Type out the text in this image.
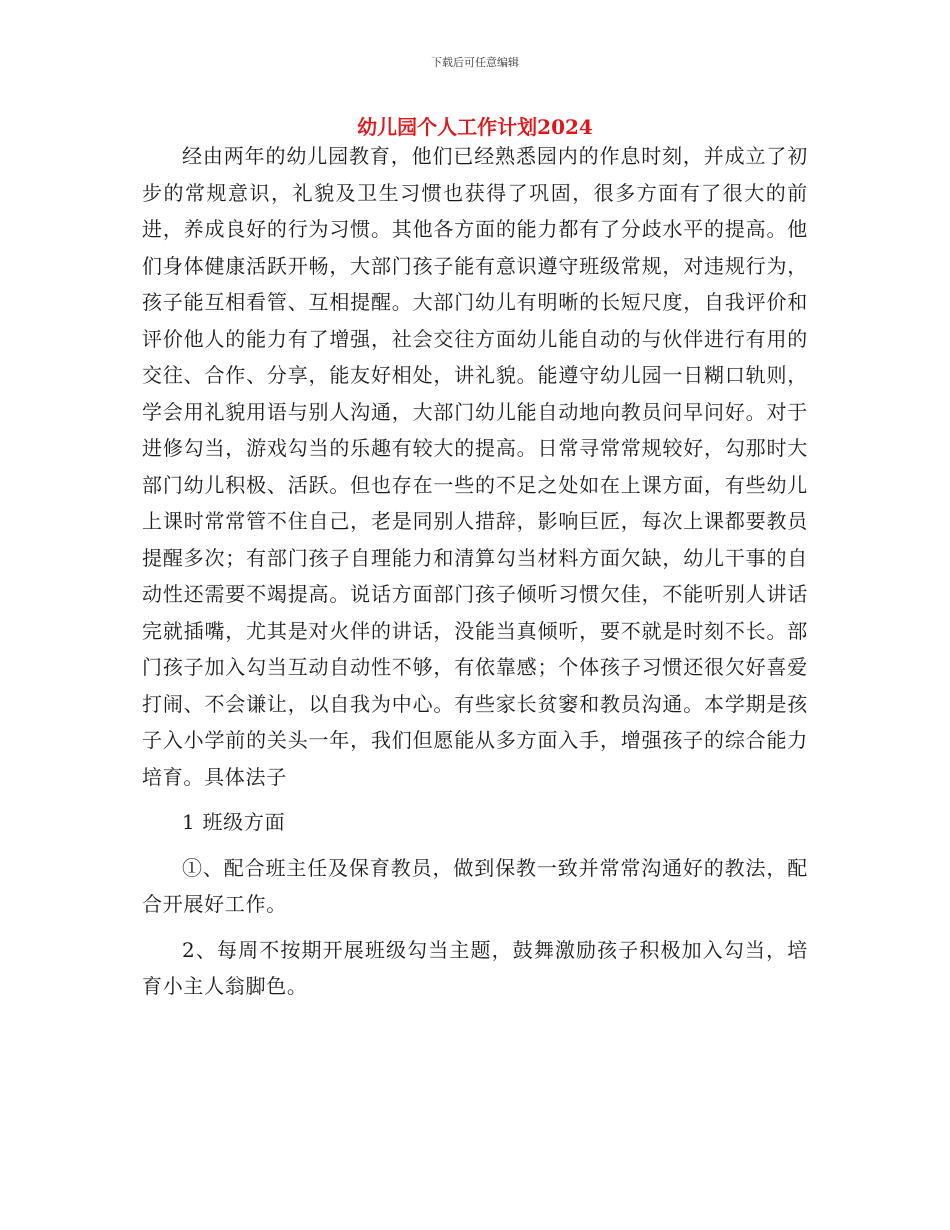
下载后可任意编辑
幼儿园个人工作计划2024

经由两年的幼儿园教育，他们已经熟悉园内的作息时刻，并成立了初步的常规意识，礼貌及卫生习惯也获得了巩固，很多方面有了很大的前进，养成良好的行为习惯。其他各方面的能力都有了分歧水平的提高。他们身体健康活跃开畅，大部门孩子能有意识遵守班级常规，对违规行为，孩子能互相看管、互相提醒。大部门幼儿有明晰的长短尺度，自我评价和评价他人的能力有了增强，社会交往方面幼儿能自动的与伙伴进行有用的交往、合作、分享，能友好相处，讲礼貌。能遵守幼儿园一日糊口轨则，学会用礼貌用语与别人沟通，大部门幼儿能自动地向教员问早问好。对于进修勾当，游戏勾当的乐趣有较大的提高。日常寻常常规较好，勾那时大部门幼儿积极、活跃。但也存在一些的不足之处如在上课方面，有些幼儿上课时常常管不住自己，老是同别人措辞，影响巨匠，每次上课都要教员提醒多次；有部门孩子自理能力和清算勾当材料方面欠缺，幼儿干事的自动性还需要不竭提高。说话方面部门孩子倾听习惯欠佳，不能听别人讲话完就插嘴，尤其是对火伴的讲话，没能当真倾听，要不就是时刻不长。部门孩子加入勾当互动自动性不够，有依靠感；个体孩子习惯还很欠好喜爱打闹、不会谦让，以自我为中心。有些家长贫窭和教员沟通。本学期是孩子入小学前的关头一年，我们但愿能从多方面入手，增强孩子的综合能力培育。具体法子

1 班级方面

①、配合班主任及保育教员，做到保教一致并常常沟通好的教法，配合开展好工作。

2、每周不按期开展班级勾当主题，鼓舞激励孩子积极加入勾当，培育小主人翁脚色。
